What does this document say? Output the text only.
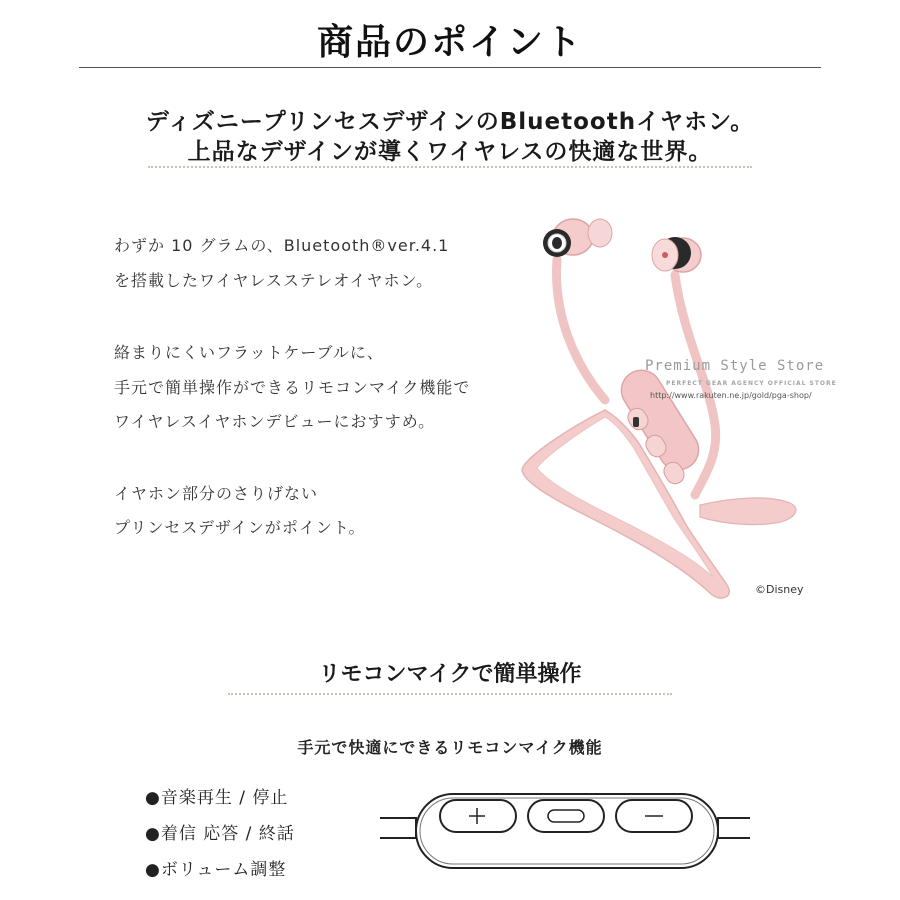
商品のポイント
ディズニープリンセスデザインのBluetoothイヤホン。
上品なデザインが導くワイヤレスの快適な世界。
わずか 10 グラムの、Bluetooth®ver.4.1
を搭載したワイヤレスステレオイヤホン。
絡まりにくいフラットケーブルに、
手元で簡単操作ができるリモコンマイク機能で
ワイヤレスイヤホンデビューにおすすめ。
イヤホン部分のさりげない
プリンセスデザインがポイント。
Premium Style Store
PERFECT GEAR AGENCY OFFICIAL STORE
http://www.rakuten.ne.jp/gold/pga-shop/
©Disney
リモコンマイクで簡単操作
手元で快適にできるリモコンマイク機能
●音楽再生 / 停止
●着信 応答 / 終話
●ボリューム調整
